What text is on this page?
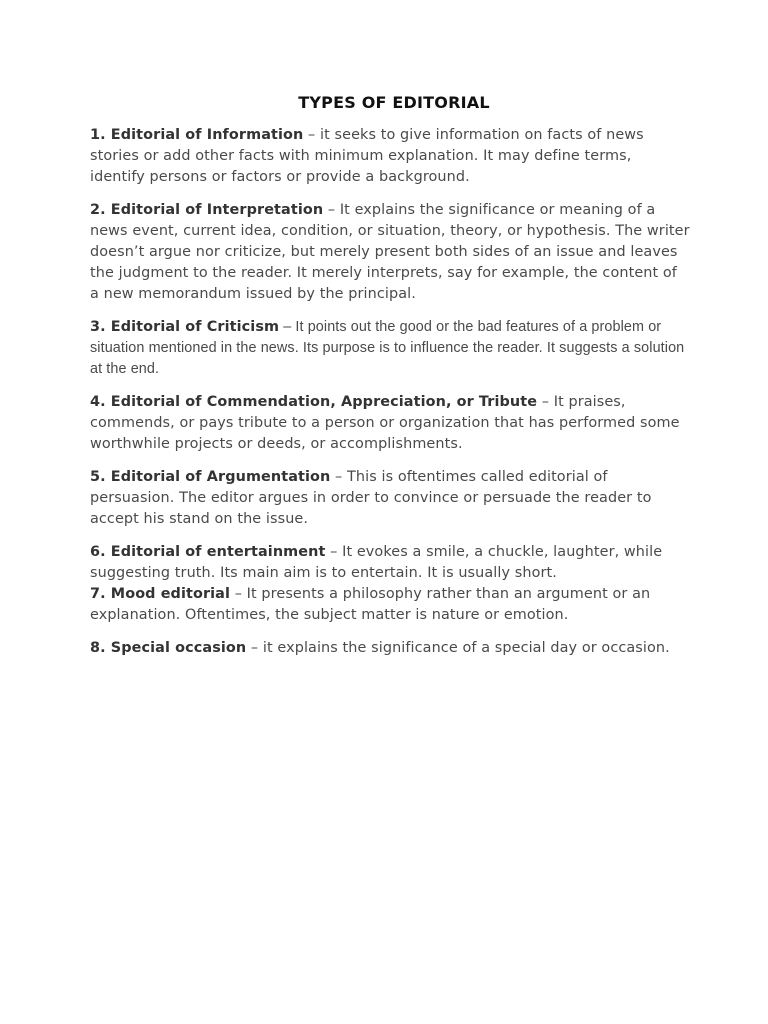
TYPES OF EDITORIAL

1. Editorial of Information – it seeks to give information on facts of news stories or add other facts with minimum explanation. It may define terms, identify persons or factors or provide a background.

2. Editorial of Interpretation – It explains the significance or meaning of a news event, current idea, condition, or situation, theory, or hypothesis. The writer doesn’t argue nor criticize, but merely present both sides of an issue and leaves the judgment to the reader. It merely interprets, say for example, the content of a new memorandum issued by the principal.

3. Editorial of Criticism – It points out the good or the bad features of a problem or situation mentioned in the news. Its purpose is to influence the reader. It suggests a solution at the end.

4. Editorial of Commendation, Appreciation, or Tribute – It praises, commends, or pays tribute to a person or organization that has performed some worthwhile projects or deeds, or accomplishments.

5. Editorial of Argumentation – This is oftentimes called editorial of persuasion. The editor argues in order to convince or persuade the reader to accept his stand on the issue.

6. Editorial of entertainment – It evokes a smile, a chuckle, laughter, while suggesting truth. Its main aim is to entertain. It is usually short.

7. Mood editorial – It presents a philosophy rather than an argument or an explanation. Oftentimes, the subject matter is nature or emotion.

8. Special occasion – it explains the significance of a special day or occasion.
